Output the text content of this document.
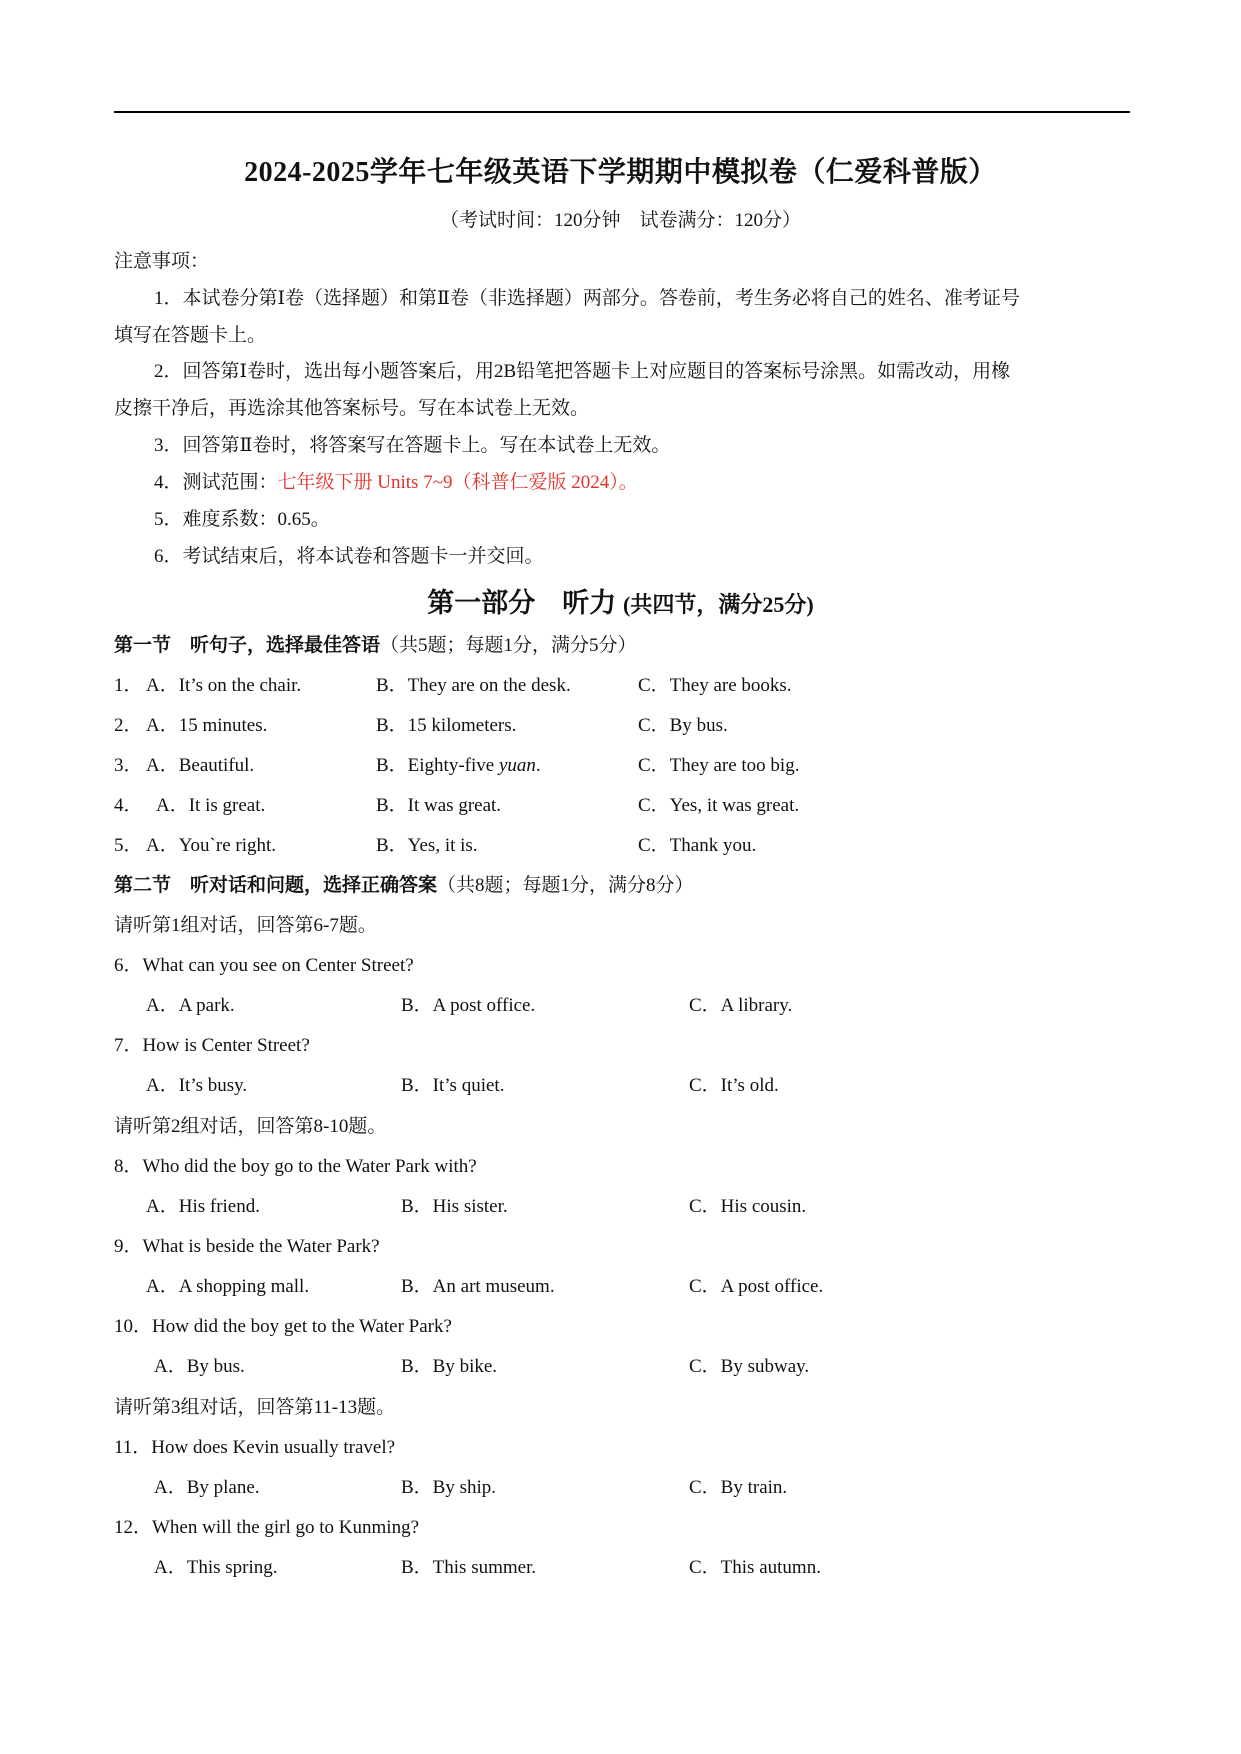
2024-2025学年七年级英语下学期期中模拟卷（仁爱科普版）
（考试时间：120分钟　试卷满分：120分）
注意事项：
1．本试卷分第Ⅰ卷（选择题）和第Ⅱ卷（非选择题）两部分。答卷前，考生务必将自己的姓名、准考证号
填写在答题卡上。
2．回答第Ⅰ卷时，选出每小题答案后，用2B铅笔把答题卡上对应题目的答案标号涂黑。如需改动，用橡
皮擦干净后，再选涂其他答案标号。写在本试卷上无效。
3．回答第Ⅱ卷时，将答案写在答题卡上。写在本试卷上无效。
4．测试范围：七年级下册 Units 7~9（科普仁爱版 2024）。
5．难度系数：0.65。
6．考试结束后，将本试卷和答题卡一并交回。
第一部分　听力 (共四节，满分25分)
第一节　听句子，选择最佳答语（共5题；每题1分，满分5分）
1． A．It’s on the chair.	B．They are on the desk.	C．They are books.
2． A．15 minutes.	B．15 kilometers.	C．By bus.
3． A．Beautiful.	B．Eighty-five yuan.	C．They are too big.
4． A．It is great.	B．It was great.	C．Yes, it was great.
5． A．You`re right.	B．Yes, it is.	C．Thank you.
第二节　听对话和问题，选择正确答案（共8题；每题1分，满分8分）
请听第1组对话，回答第6-7题。
6．What can you see on Center Street?
A．A park.	B．A post office.	C．A library.
7．How is Center Street?
A．It’s busy.	B．It’s quiet.	C．It’s old.
请听第2组对话，回答第8-10题。
8．Who did the boy go to the Water Park with?
A．His friend.	B．His sister.	C．His cousin.
9．What is beside the Water Park?
A．A shopping mall.	B．An art museum.	C．A post office.
10．How did the boy get to the Water Park?
A．By bus.	B．By bike.	C．By subway.
请听第3组对话，回答第11-13题。
11．How does Kevin usually travel?
A．By plane.	B．By ship.	C．By train.
12．When will the girl go to Kunming?
A．This spring.	B．This summer.	C．This autumn.
